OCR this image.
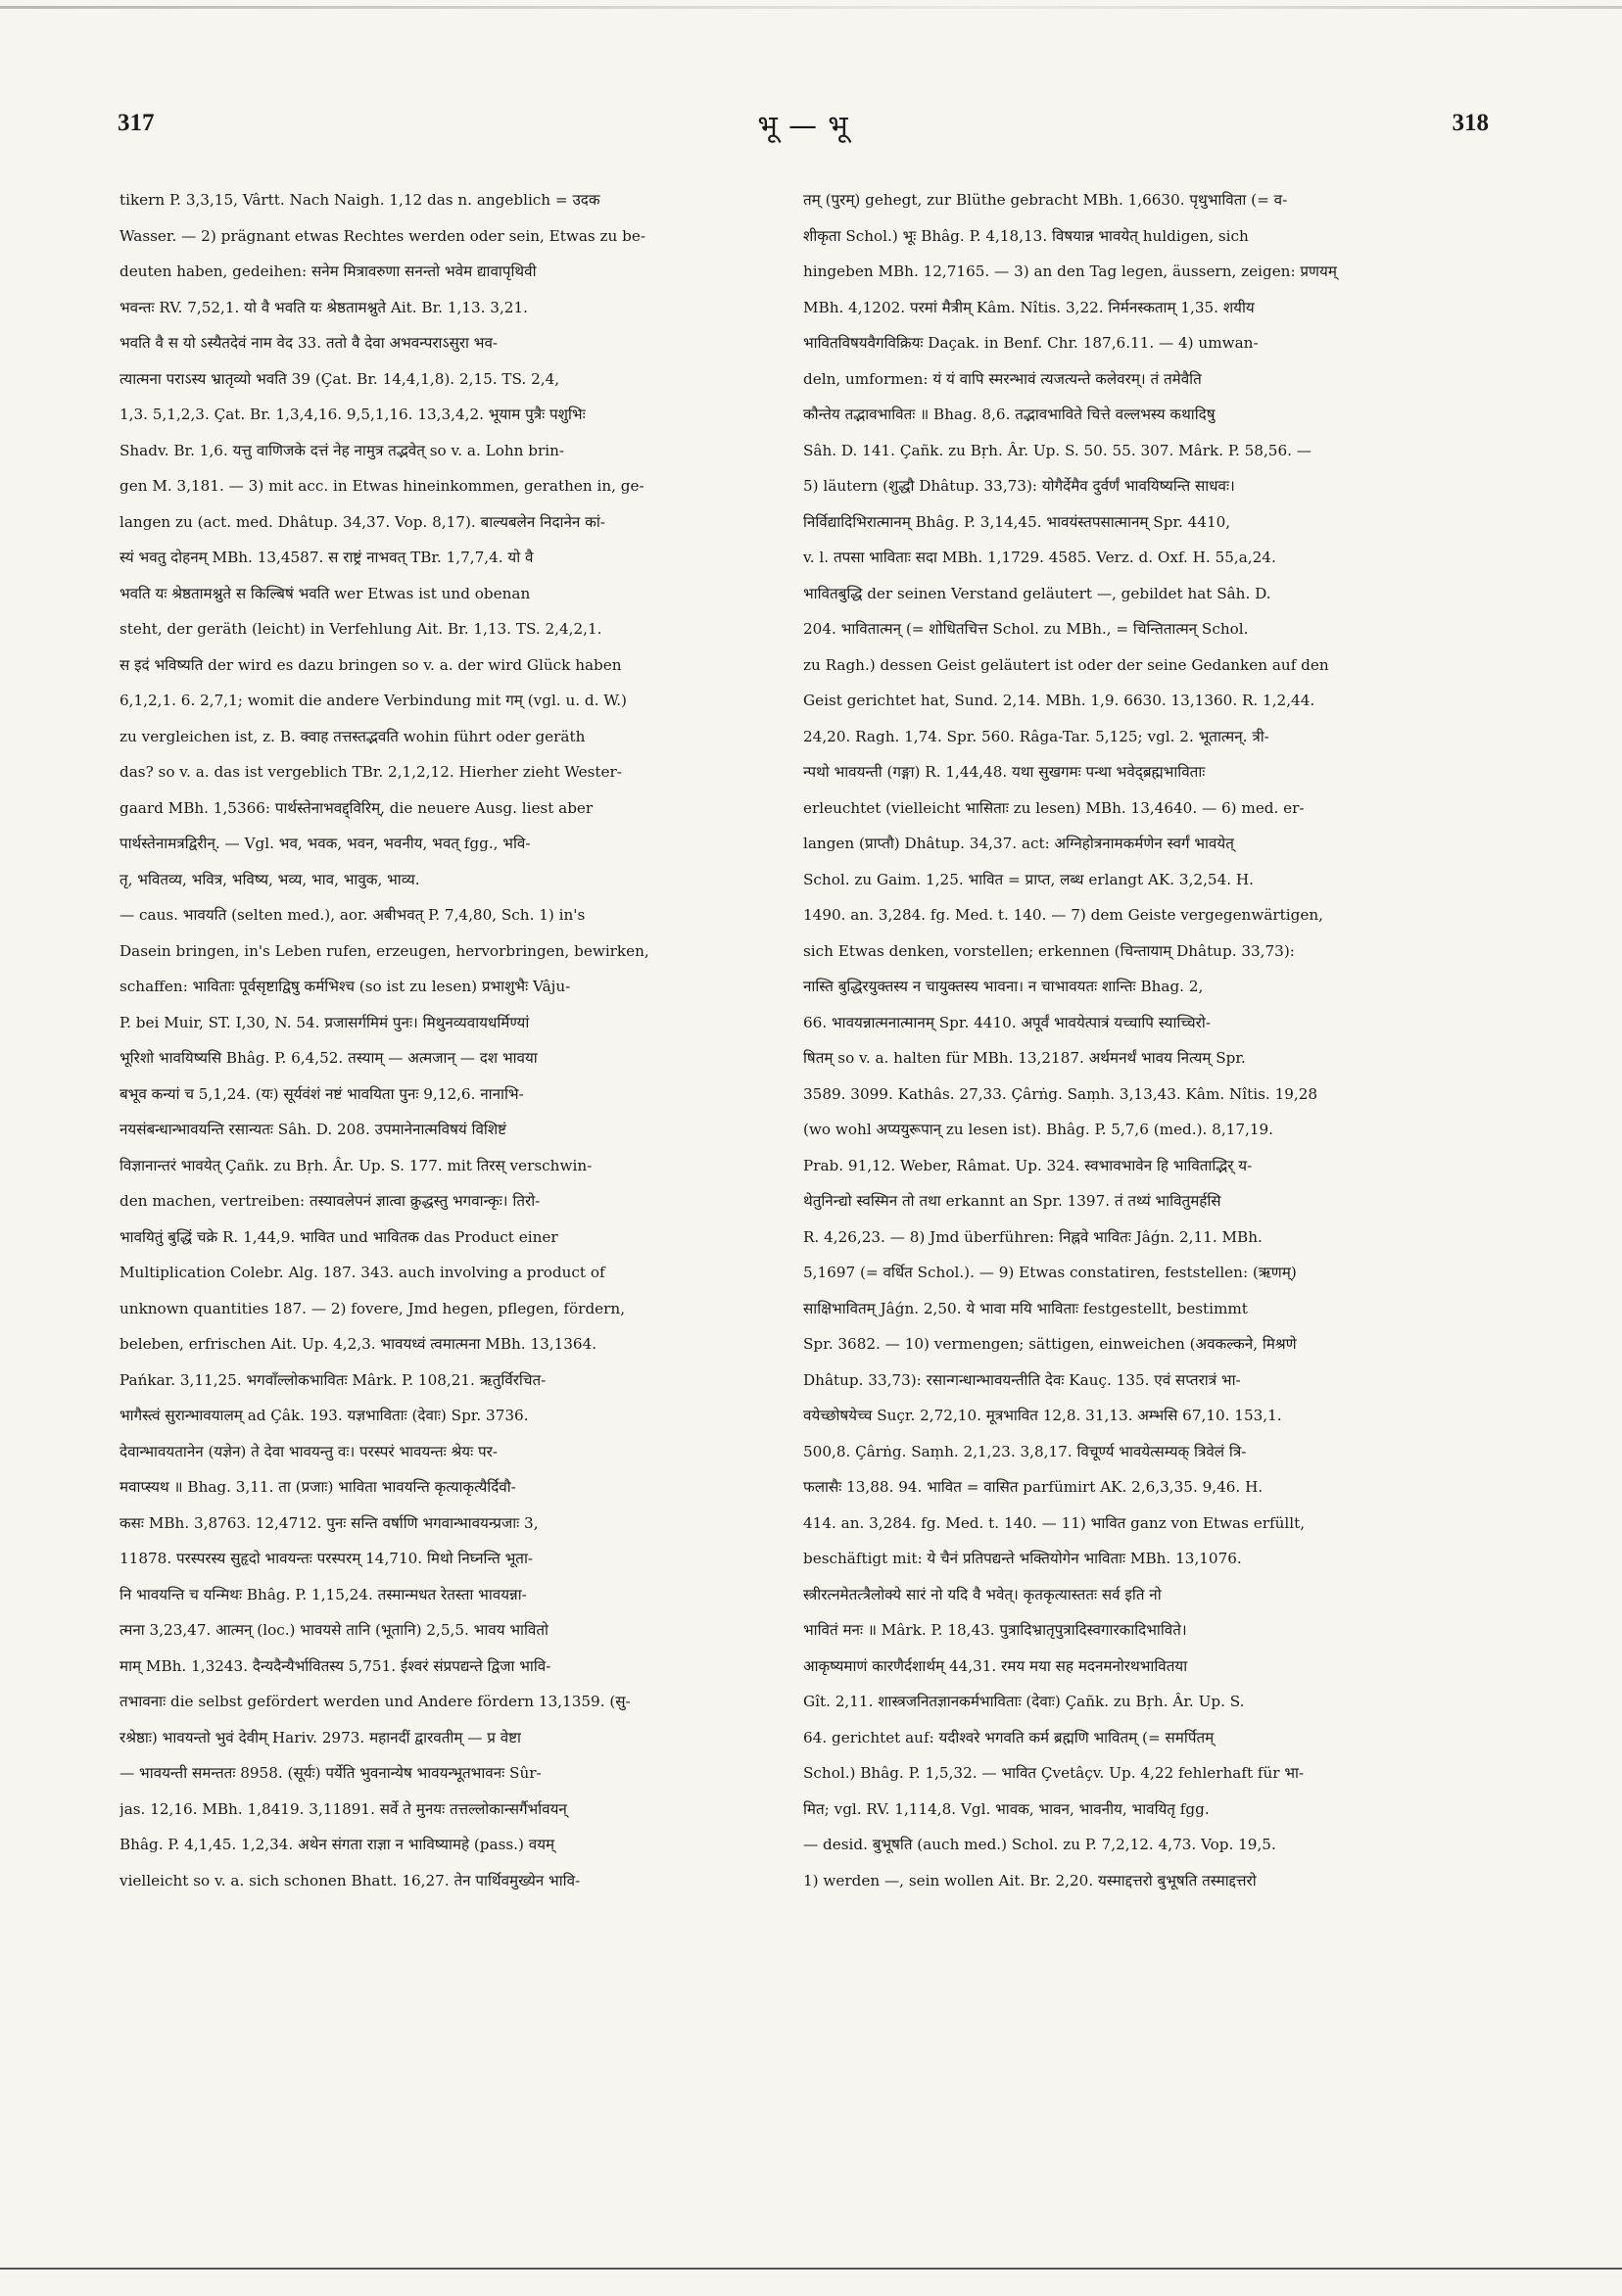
317	भू — भू	318

tikern P. 3,3,15, Vârtt. Nach Naigh. 1,12 das n. angeblich = उदक

Wasser. — 2) prägnant etwas Rechtes werden oder sein, Etwas zu be-

deuten haben, gedeihen: सनेम मित्रावरुणा सनन्तो भवेम द्यावापृथिवी

भवन्तः RV. 7,52,1. यो वै भवति यः श्रेष्ठतामश्नुते Ait. Br. 1,13. 3,21.

भवति वै स यो ऽस्यैतदेवं नाम वेद 33. ततो वै देवा अभवन्पराऽसुरा भव-

त्यात्मना पराऽस्य भ्रातृव्यो भवति 39 (Çat. Br. 14,4,1,8). 2,15. TS. 2,4,

1,3. 5,1,2,3. Çat. Br. 1,3,4,16. 9,5,1,16. 13,3,4,2. भूयाम पुत्रैः पशुभिः

Shadv. Br. 1,6. यत्तु वाणिजके दत्तं नेह नामुत्र तद्भवेत् so v. a. Lohn brin-

gen M. 3,181. — 3) mit acc. in Etwas hineinkommen, gerathen in, ge-

langen zu (act. med. Dhâtup. 34,37. Vop. 8,17). बाल्यबलेन निदानेन कां-

स्यं भवतु दोहनम् MBh. 13,4587. स राष्ट्रं नाभवत् TBr. 1,7,7,4. यो वै

भवति यः श्रेष्ठतामश्नुते स किल्बिषं भवति wer Etwas ist und obenan

steht, der geräth (leicht) in Verfehlung Ait. Br. 1,13. TS. 2,4,2,1.

स इदं भविष्यति der wird es dazu bringen so v. a. der wird Glück haben

6,1,2,1. 6. 2,7,1; womit die andere Verbindung mit गम् (vgl. u. d. W.)

zu vergleichen ist, z. B. क्वाह तत्तस्तद्भवति wohin führt oder geräth

das? so v. a. das ist vergeblich TBr. 2,1,2,12. Hierher zieht Wester-

gaard MBh. 1,5366: पार्थस्तेनाभवद्द्विरिम्, die neuere Ausg. liest aber

पार्थस्तेनामत्रद्विरीन्. — Vgl. भव, भवक, भवन, भवनीय, भवत् fgg., भवि-

तृ, भवितव्य, भवित्र, भविष्य, भव्य, भाव, भावुक, भाव्य.

— caus. भावयति (selten med.), aor. अबीभवत् P. 7,4,80, Sch. 1) in's

Dasein bringen, in's Leben rufen, erzeugen, hervorbringen, bewirken,

schaffen: भाविताः पूर्वसृष्टाद्विषु कर्मभिश्च (so ist zu lesen) प्रभाशुभैः Vâju-

P. bei Muir, ST. I,30, N. 54. प्रजासर्गमिमं पुनः। मिथुनव्यवायधर्मिण्यां

भूरिशो भावयिष्यसि Bhâg. P. 6,4,52. तस्याम् — अत्मजान् — दश भावया

बभूव कन्यां च 5,1,24. (यः) सूर्यवंशं नष्टं भावयिता पुनः 9,12,6. नानाभि-

नयसंबन्धान्भावयन्ति रसान्यतः Sâh. D. 208. उपमानेनात्मविषयं विशिष्टं

विज्ञानान्तरं भावयेत् Çañk. zu Bṛh. Âr. Up. S. 177. mit तिरस् verschwin-

den machen, vertreiben: तस्यावलेपनं ज्ञात्वा क्रुद्धस्तु भगवान्कृः। तिरो-

भावयितुं बुद्धिं चक्रे R. 1,44,9. भावित und भावितक das Product einer

Multiplication Colebr. Alg. 187. 343. auch involving a product of

unknown quantities 187. — 2) fovere, Jmd hegen, pflegen, fördern,

beleben, erfrischen Ait. Up. 4,2,3. भावयध्वं त्वमात्मना MBh. 13,1364.

Pańkar. 3,11,25. भगवाँल्लोकभावितः Mârk. P. 108,21. ऋतुर्विरचित-

भागैस्त्वं सुरान्भावयालम् ad Çâk. 193. यज्ञभाविताः (देवाः) Spr. 3736.

देवान्भावयतानेन (यज्ञेन) ते देवा भावयन्तु वः। परस्परं भावयन्तः श्रेयः पर-

मवाप्स्यथ ॥ Bhag. 3,11. ता (प्रजाः) भाविता भावयन्ति कृत्याकृत्यैर्दिवौ-

कसः MBh. 3,8763. 12,4712. पुनः सन्ति वर्षाणि भगवान्भावयन्प्रजाः 3,

11878. परस्परस्य सुहृदो भावयन्तः परस्परम् 14,710. मिथो निघ्नन्ति भूता-

नि भावयन्ति च यन्मिथः Bhâg. P. 1,15,24. तस्मान्मधत रेतस्ता भावयन्ना-

त्मना 3,23,47. आत्मन् (loc.) भावयसे तानि (भूतानि) 2,5,5. भावय भावितो

माम् MBh. 1,3243. दैन्यदैन्यैर्भावितस्य 5,751. ईश्वरं संप्रपद्यन्ते द्विजा भावि-

तभावनाः die selbst gefördert werden und Andere fördern 13,1359. (सु-

रश्रेष्ठाः) भावयन्तो भुवं देवीम् Hariv. 2973. महानदीं द्वारवतीम् — प्र वेष्टा

— भावयन्ती समन्ततः 8958. (सूर्यः) पर्येति भुवनान्येष भावयन्भूतभावनः Sûr-

jas. 12,16. MBh. 1,8419. 3,11891. सर्वे ते मुनयः तत्तल्लोकान्सर्गैर्भावयन्

Bhâg. P. 4,1,45. 1,2,34. अथेन संगता राज्ञा न भाविष्यामहे (pass.) वयम्

vielleicht so v. a. sich schonen Bhatt. 16,27. तेन पार्थिवमुख्येन भावि-

तम् (पुरम्) gehegt, zur Blüthe gebracht MBh. 1,6630. पृथुभाविता (= व-

शीकृता Schol.) भूः Bhâg. P. 4,18,13. विषयान्न भावयेत् huldigen, sich

hingeben MBh. 12,7165. — 3) an den Tag legen, äussern, zeigen: प्रणयम्

MBh. 4,1202. परमां मैत्रीम् Kâm. Nîtis. 3,22. निर्मनस्कताम् 1,35. शयीय

भावितविषयवैगविक्रियः Daçak. in Benf. Chr. 187,6.11. — 4) umwan-

deln, umformen: यं यं वापि स्मरन्भावं त्यजत्यन्ते कलेवरम्। तं तमेवैति

कौन्तेय तद्भावभावितः ॥ Bhag. 8,6. तद्भावभाविते चित्ते वल्लभस्य कथादिषु

Sâh. D. 141. Çañk. zu Bṛh. Âr. Up. S. 50. 55. 307. Mârk. P. 58,56. —

5) läutern (शुद्धौ Dhâtup. 33,73): योगैर्देमैव दुर्वर्णं भावयिष्यन्ति साधवः।

निर्विद्यादिभिरात्मानम् Bhâg. P. 3,14,45. भावयंस्तपसात्मानम् Spr. 4410,

v. l. तपसा भाविताः सदा MBh. 1,1729. 4585. Verz. d. Oxf. H. 55,a,24.

भावितबुद्धि der seinen Verstand geläutert —, gebildet hat Sâh. D.

204. भावितात्मन् (= शोधितचित्त Schol. zu MBh., = चिन्तितात्मन् Schol.

zu Ragh.) dessen Geist geläutert ist oder der seine Gedanken auf den

Geist gerichtet hat, Sund. 2,14. MBh. 1,9. 6630. 13,1360. R. 1,2,44.

24,20. Ragh. 1,74. Spr. 560. Râga-Tar. 5,125; vgl. 2. भूतात्मन्. त्री-

न्पथो भावयन्ती (गङ्गा) R. 1,44,48. यथा सुखगमः पन्था भवेद्ब्रह्मभाविताः

erleuchtet (vielleicht भासिताः zu lesen) MBh. 13,4640. — 6) med. er-

langen (प्राप्तौ) Dhâtup. 34,37. act: अग्निहोत्रनामकर्मणेन स्वर्गं भावयेत्

Schol. zu Gaim. 1,25. भावित = प्राप्त, लब्ध erlangt AK. 3,2,54. H.

1490. an. 3,284. fg. Med. t. 140. — 7) dem Geiste vergegenwärtigen,

sich Etwas denken, vorstellen; erkennen (चिन्तायाम् Dhâtup. 33,73):

नास्ति बुद्धिरयुक्तस्य न चायुक्तस्य भावना। न चाभावयतः शान्तिः Bhag. 2,

66. भावयन्नात्मनात्मानम् Spr. 4410. अपूर्वं भावयेत्पात्रं यच्चापि स्याच्चिरो-

षितम् so v. a. halten für MBh. 13,2187. अर्थमनर्थं भावय नित्यम् Spr.

3589. 3099. Kathâs. 27,33. Çârṅg. Saṃh. 3,13,43. Kâm. Nîtis. 19,28

(wo wohl अप्ययुरूपान् zu lesen ist). Bhâg. P. 5,7,6 (med.). 8,17,19.

Prab. 91,12. Weber, Râmat. Up. 324. स्वभावभावेन हि भाविताद्भिर् य-

थेतुनिन्द्यो स्वस्मिन तो तथा erkannt an Spr. 1397. तं तथ्यं भावितुमर्हसि

R. 4,26,23. — 8) Jmd überführen: निह्नवे भावितः Jâǵn. 2,11. MBh.

5,1697 (= वर्धित Schol.). — 9) Etwas constatiren, feststellen: (ऋणम्)

साक्षिभावितम् Jâǵn. 2,50. ये भावा मयि भाविताः festgestellt, bestimmt

Spr. 3682. — 10) vermengen; sättigen, einweichen (अवकल्कने, मिश्रणे

Dhâtup. 33,73): रसान्गन्धान्भावयन्तीति देवः Kauç. 135. एवं सप्तरात्रं भा-

वयेच्छोषयेच्च Suçr. 2,72,10. मूत्रभावित 12,8. 31,13. अम्भसि 67,10. 153,1.

500,8. Çârṅg. Saṃh. 2,1,23. 3,8,17. विचूर्ण्य भावयेत्सम्यक् त्रिवेलं त्रि-

फलासैः 13,88. 94. भावित = वासित parfümirt AK. 2,6,3,35. 9,46. H.

414. an. 3,284. fg. Med. t. 140. — 11) भावित ganz von Etwas erfüllt,

beschäftigt mit: ये चैनं प्रतिपद्यन्ते भक्तियोगेन भाविताः MBh. 13,1076.

स्त्रीरत्नमेतत्त्रैलोक्ये सारं नो यदि वै भवेत्। कृतकृत्यास्ततः सर्व इति नो

भावितं मनः ॥ Mârk. P. 18,43. पुत्रादिभ्रातृपुत्रादिस्वगारकादिभाविते।

आकृष्यमाणं कारणैर्दशार्थम् 44,31. रमय मया सह मदनमनोरथभावितया

Gît. 2,11. शास्त्रजनितज्ञानकर्मभाविताः (देवाः) Çañk. zu Bṛh. Âr. Up. S.

64. gerichtet auf: यदीश्वरे भगवति कर्म ब्रह्मणि भावितम् (= समर्पितम्

Schol.) Bhâg. P. 1,5,32. — भावित Çvetâçv. Up. 4,22 fehlerhaft für भा-

मित; vgl. RV. 1,114,8. Vgl. भावक, भावन, भावनीय, भावयितृ fgg.

— desid. बुभूषति (auch med.) Schol. zu P. 7,2,12. 4,73. Vop. 19,5.

1) werden —, sein wollen Ait. Br. 2,20. यस्माद्दत्तरो बुभूषति तस्माद्दत्तरो
